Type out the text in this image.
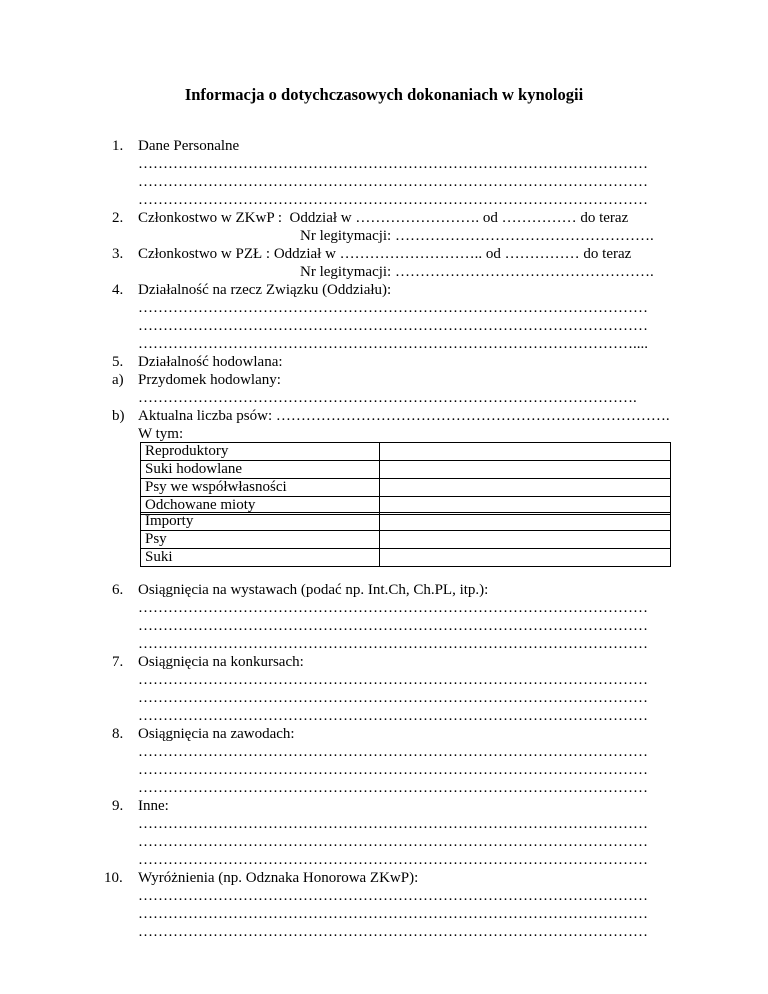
Informacja o dotychczasowych dokonaniach w kynologii
1. Dane Personalne
…………………………………………………………………………………………
…………………………………………………………………………………………
…………………………………………………………………………………………
2. Członkostwo w ZKwP :  Oddział w ……………………. od …………… do teraz
Nr legitymacji: …………………………………………….
3. Członkostwo w PZŁ : Oddział w ……………………….. od …………… do teraz
Nr legitymacji: …………………………………………….
4. Działalność na rzecz Związku (Oddziału):
…………………………………………………………………………………………
…………………………………………………………………………………………
………………………………………………………………………………………....
5. Działalność hodowlana:
a) Przydomek hodowlany:
……………………………………………………………………………………….
b) Aktualna liczba psów: …………………………………………………………………….
W tym:
Reproduktory	
Suki hodowlane	
Psy we współwłasności	
Odchowane mioty	
Importy	
Psy	
Suki	
6. Osiągnięcia na wystawach (podać np. Int.Ch, Ch.PL, itp.):
…………………………………………………………………………………………
…………………………………………………………………………………………
…………………………………………………………………………………………
7. Osiągnięcia na konkursach:
…………………………………………………………………………………………
…………………………………………………………………………………………
…………………………………………………………………………………………
8. Osiągnięcia na zawodach:
…………………………………………………………………………………………
…………………………………………………………………………………………
…………………………………………………………………………………………
9. Inne:
…………………………………………………………………………………………
…………………………………………………………………………………………
…………………………………………………………………………………………
10. Wyróżnienia (np. Odznaka Honorowa ZKwP):
…………………………………………………………………………………………
…………………………………………………………………………………………
…………………………………………………………………………………………
